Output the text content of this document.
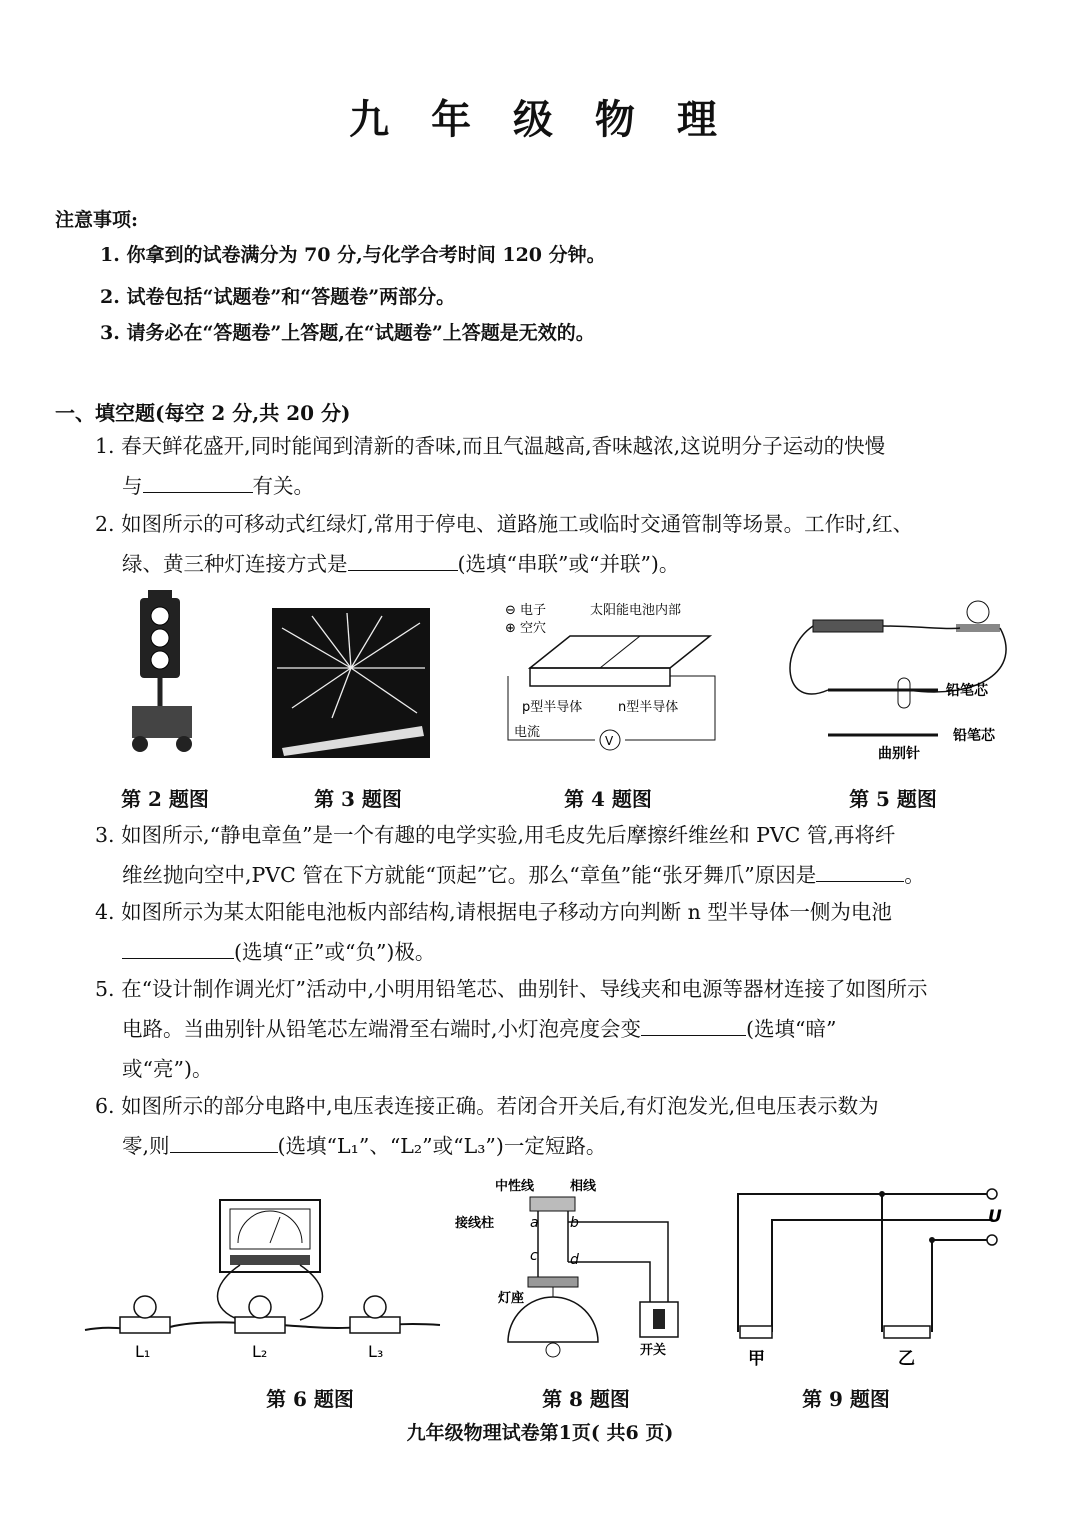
九 年 级 物 理
注意事项:
1. 你拿到的试卷满分为 70 分,与化学合考时间 120 分钟。
2. 试卷包括“试题卷”和“答题卷”两部分。
3. 请务必在“答题卷”上答题,在“试题卷”上答题是无效的。
一、填空题(每空 2 分,共 20 分)
1. 春天鲜花盛开,同时能闻到清新的香味,而且气温越高,香味越浓,这说明分子运动的快慢
与	有关。
2. 如图所示的可移动式红绿灯,常用于停电、道路施工或临时交通管制等场景。工作时,红、
绿、黄三种灯连接方式是	(选填“串联”或“并联”)。
⊖ 电子
⊕ 空穴
太阳能电池内部
p型半导体	n型半导体
V
电流
铅笔芯
铅笔芯
曲别针
第 2 题图	第 3 题图	第 4 题图	第 5 题图
3. 如图所示,“静电章鱼”是一个有趣的电学实验,用毛皮先后摩擦纤维丝和 PVC 管,再将纤
维丝抛向空中,PVC 管在下方就能“顶起”它。那么“章鱼”能“张牙舞爪”原因是	。
4. 如图所示为某太阳能电池板内部结构,请根据电子移动方向判断 n 型半导体一侧为电池
(选填“正”或“负”)极。
5. 在“设计制作调光灯”活动中,小明用铅笔芯、曲别针、导线夹和电源等器材连接了如图所示
电路。当曲别针从铅笔芯左端滑至右端时,小灯泡亮度会变	(选填“暗”
或“亮”)。
6. 如图所示的部分电路中,电压表连接正确。若闭合开关后,有灯泡发光,但电压表示数为
零,则	(选填“L₁”、“L₂”或“L₃”)一定短路。
L₁	L₂	L₃
中性线	相线
接线柱	a b
c d
灯座
开关
U
甲	乙
第 6 题图	第 8 题图	第 9 题图
九年级物理试卷第1页( 共6 页)
